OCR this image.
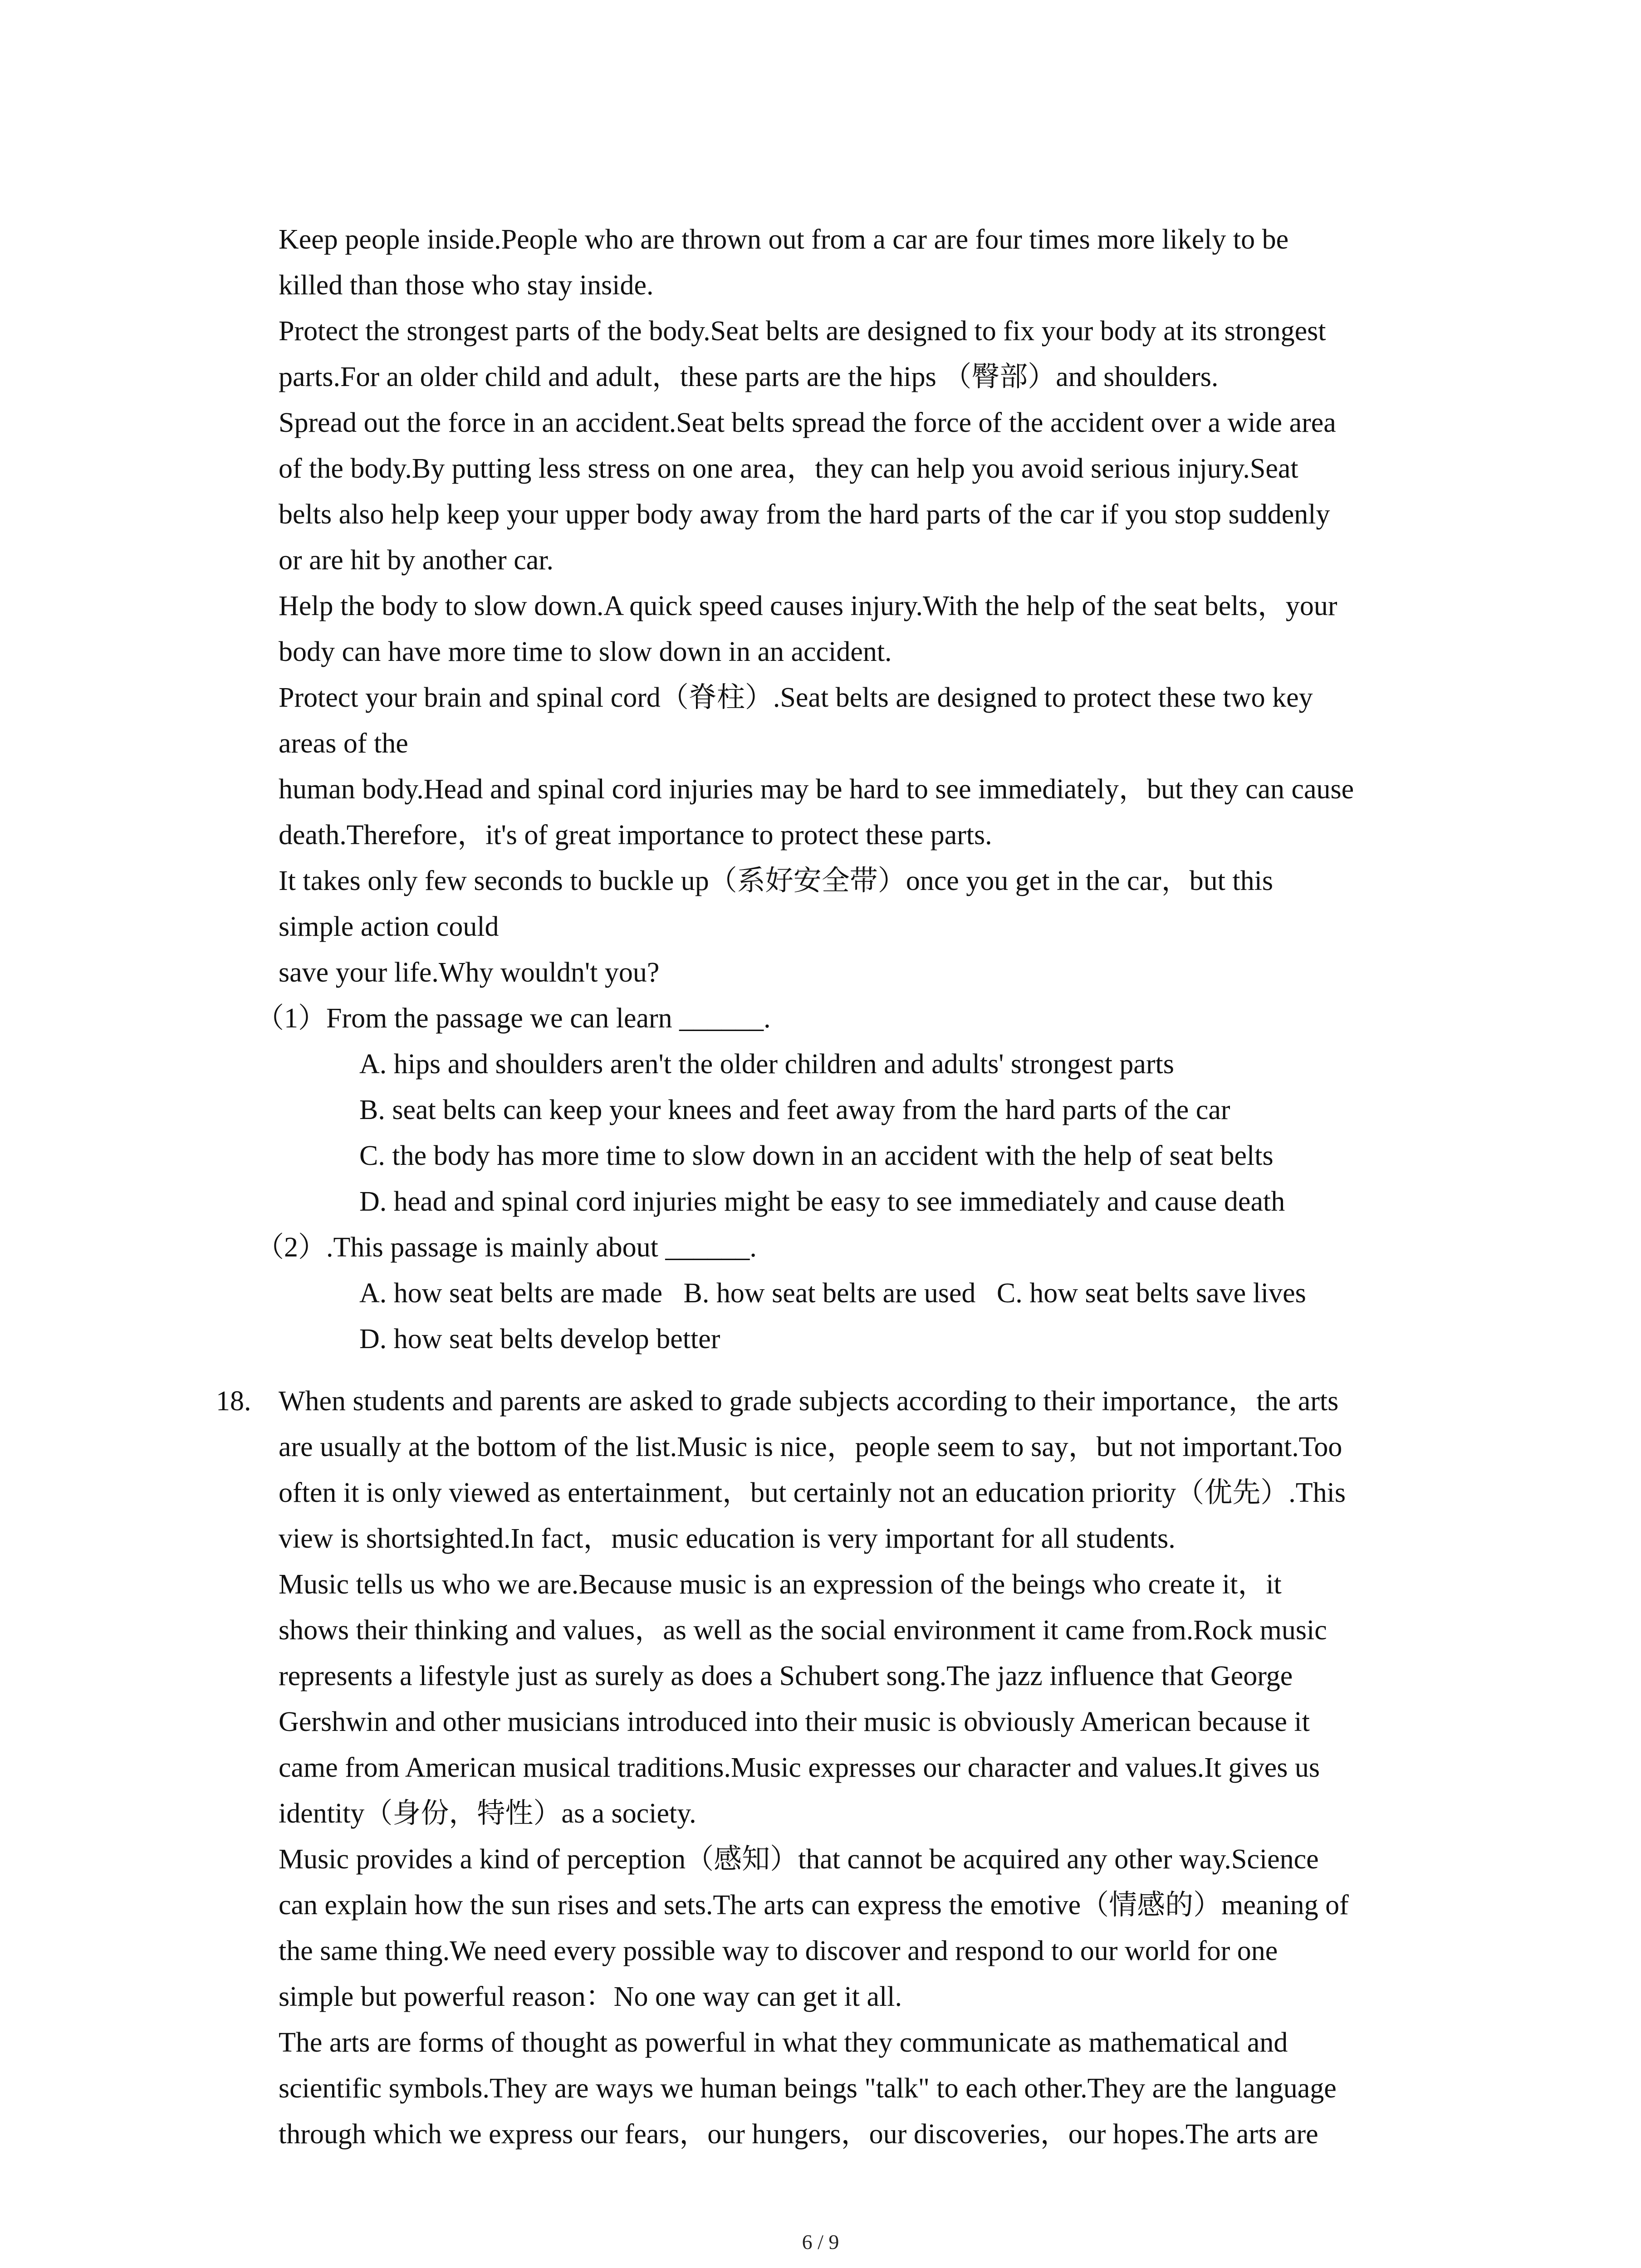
Keep people inside.People who are thrown out from a car are four times more likely to be
killed than those who stay inside.
Protect the strongest parts of the body.Seat belts are designed to fix your body at its strongest
parts.For an older child and adult，these parts are the hips （臀部）and shoulders.
Spread out the force in an accident.Seat belts spread the force of the accident over a wide area
of the body.By putting less stress on one area，they can help you avoid serious injury.Seat
belts also help keep your upper body away from the hard parts of the car if you stop suddenly
or are hit by another car.
Help the body to slow down.A quick speed causes injury.With the help of the seat belts，your
body can have more time to slow down in an accident.
Protect your brain and spinal cord（脊柱）.Seat belts are designed to protect these two key
areas of the
human body.Head and spinal cord injuries may be hard to see immediately，but they can cause
death.Therefore，it's of great importance to protect these parts.
It takes only few seconds to buckle up（系好安全带）once you get in the car，but this
simple action could
save your life.Why wouldn't you?
（1）From the passage we can learn ______.
A. hips and shoulders aren't the older children and adults' strongest parts
B. seat belts can keep your knees and feet away from the hard parts of the car
C. the body has more time to slow down in an accident with the help of seat belts
D. head and spinal cord injuries might be easy to see immediately and cause death
（2）.This passage is mainly about ______.
A. how seat belts are made   B. how seat belts are used   C. how seat belts save lives
D. how seat belts develop better
18. When students and parents are asked to grade subjects according to their importance，the arts
are usually at the bottom of the list.Music is nice，people seem to say，but not important.Too
often it is only viewed as entertainment，but certainly not an education priority（优先）.This
view is shortsighted.In fact，music education is very important for all students.
Music tells us who we are.Because music is an expression of the beings who create it，it
shows their thinking and values，as well as the social environment it came from.Rock music
represents a lifestyle just as surely as does a Schubert song.The jazz influence that George
Gershwin and other musicians introduced into their music is obviously American because it
came from American musical traditions.Music expresses our character and values.It gives us
identity（身份，特性）as a society.
Music provides a kind of perception（感知）that cannot be acquired any other way.Science
can explain how the sun rises and sets.The arts can express the emotive（情感的）meaning of
the same thing.We need every possible way to discover and respond to our world for one
simple but powerful reason：No one way can get it all.
The arts are forms of thought as powerful in what they communicate as mathematical and
scientific symbols.They are ways we human beings "talk" to each other.They are the language
through which we express our fears，our hungers，our discoveries，our hopes.The arts are
6 / 9
